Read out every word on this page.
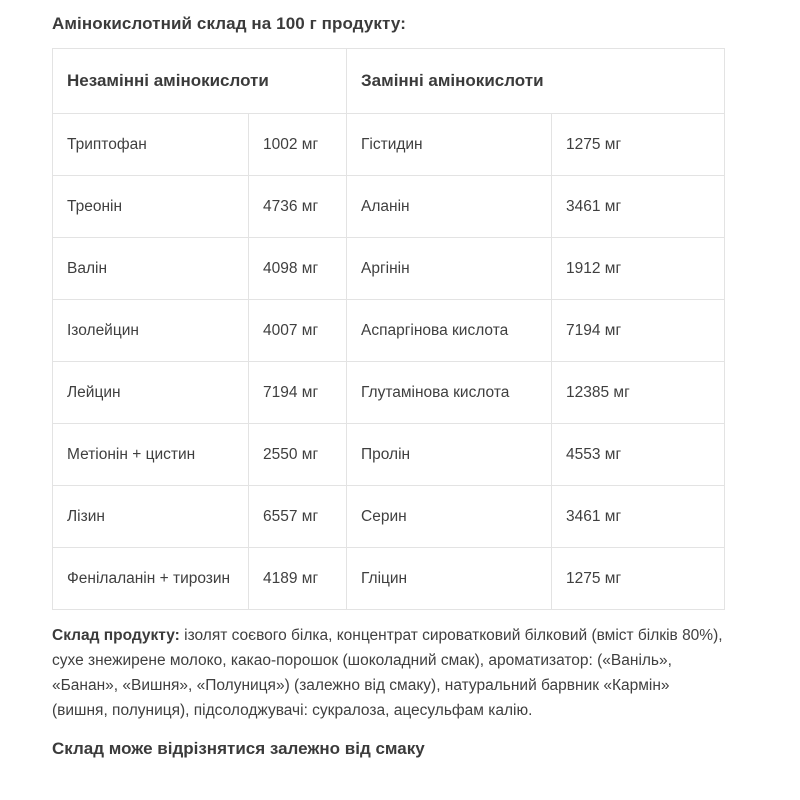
Амінокислотний склад на 100 г продукту:
Незамінні амінокислоти		Замінні амінокислоти	
Триптофан	1002 мг	Гістидин	1275 мг
Треонін	4736 мг	Аланін	3461 мг
Валін	4098 мг	Аргінін	1912 мг
Ізолейцин	4007 мг	Аспаргінова кислота	7194 мг
Лейцин	7194 мг	Глутамінова кислота	12385 мг
Метіонін + цистин	2550 мг	Пролін	4553 мг
Лізин	6557 мг	Серин	3461 мг
Фенілаланін + тирозин	4189 мг	Гліцин	1275 мг

Склад продукту: ізолят соєвого білка, концентрат сироватковий білковий (вміст білків 80%), сухе знежирене молоко, какао-порошок (шоколадний смак), ароматизатор: («Ваніль», «Банан», «Вишня», «Полуниця») (залежно від смаку), натуральний барвник «Кармін» (вишня, полуниця), підсолоджувачі: сукралоза, ацесульфам калію.

Склад може відрізнятися залежно від смаку
